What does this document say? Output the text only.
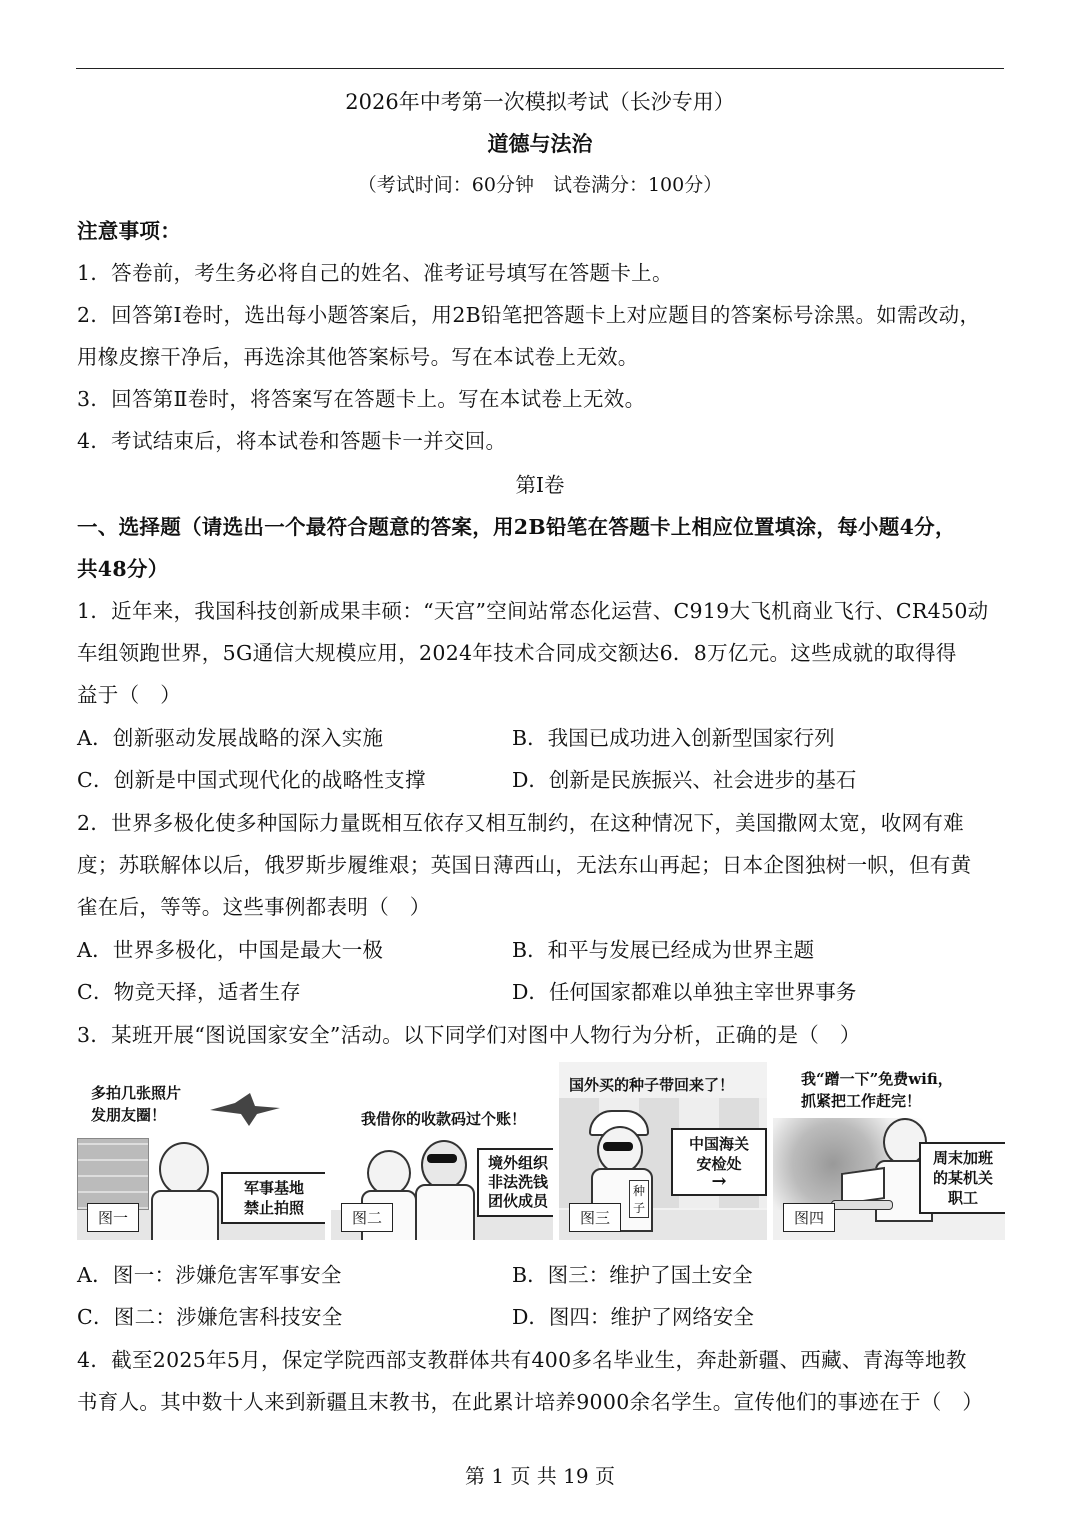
2026年中考第一次模拟考试（长沙专用）
道德与法治
（考试时间：60分钟　试卷满分：100分）
注意事项：
1．答卷前，考生务必将自己的姓名、准考证号填写在答题卡上。
2．回答第Ⅰ卷时，选出每小题答案后，用2B铅笔把答题卡上对应题目的答案标号涂黑。如需改动，
用橡皮擦干净后，再选涂其他答案标号。写在本试卷上无效。
3．回答第Ⅱ卷时，将答案写在答题卡上。写在本试卷上无效。
4．考试结束后，将本试卷和答题卡一并交回。
第Ⅰ卷
一、选择题（请选出一个最符合题意的答案，用2B铅笔在答题卡上相应位置填涂，每小题4分，
共48分）
1．近年来，我国科技创新成果丰硕：“天宫”空间站常态化运营、C919大飞机商业飞行、CR450动
车组领跑世界，5G通信大规模应用，2024年技术合同成交额达6．8万亿元。这些成就的取得得
益于（　）
A．创新驱动发展战略的深入实施	B．我国已成功进入创新型国家行列
C．创新是中国式现代化的战略性支撑	D．创新是民族振兴、社会进步的基石
2．世界多极化使多种国际力量既相互依存又相互制约，在这种情况下，美国撒网太宽，收网有难
度；苏联解体以后，俄罗斯步履维艰；英国日薄西山，无法东山再起；日本企图独树一帜，但有黄
雀在后，等等。这些事例都表明（　）
A．世界多极化，中国是最大一极	B．和平与发展已经成为世界主题
C．物竞天择，适者生存	D．任何国家都难以单独主宰世界事务
3．某班开展“图说国家安全”活动。以下同学们对图中人物行为分析，正确的是（　）
多拍几张照片
发朋友圈！
军事基地
禁止拍照
图一
我借你的收款码过个账！
境外组织
非法洗钱
团伙成员
图二
国外买的种子带回来了！
种子
中国海关
安检处
→
图三
我“蹭一下”免费wifi，
抓紧把工作赶完！
周末加班
的某机关
职工
图四
A．图一：涉嫌危害军事安全	B．图三：维护了国土安全
C．图二：涉嫌危害科技安全	D．图四：维护了网络安全
4．截至2025年5月，保定学院西部支教群体共有400多名毕业生，奔赴新疆、西藏、青海等地教
书育人。其中数十人来到新疆且末教书，在此累计培养9000余名学生。宣传他们的事迹在于（　）
第 1 页 共 19 页
